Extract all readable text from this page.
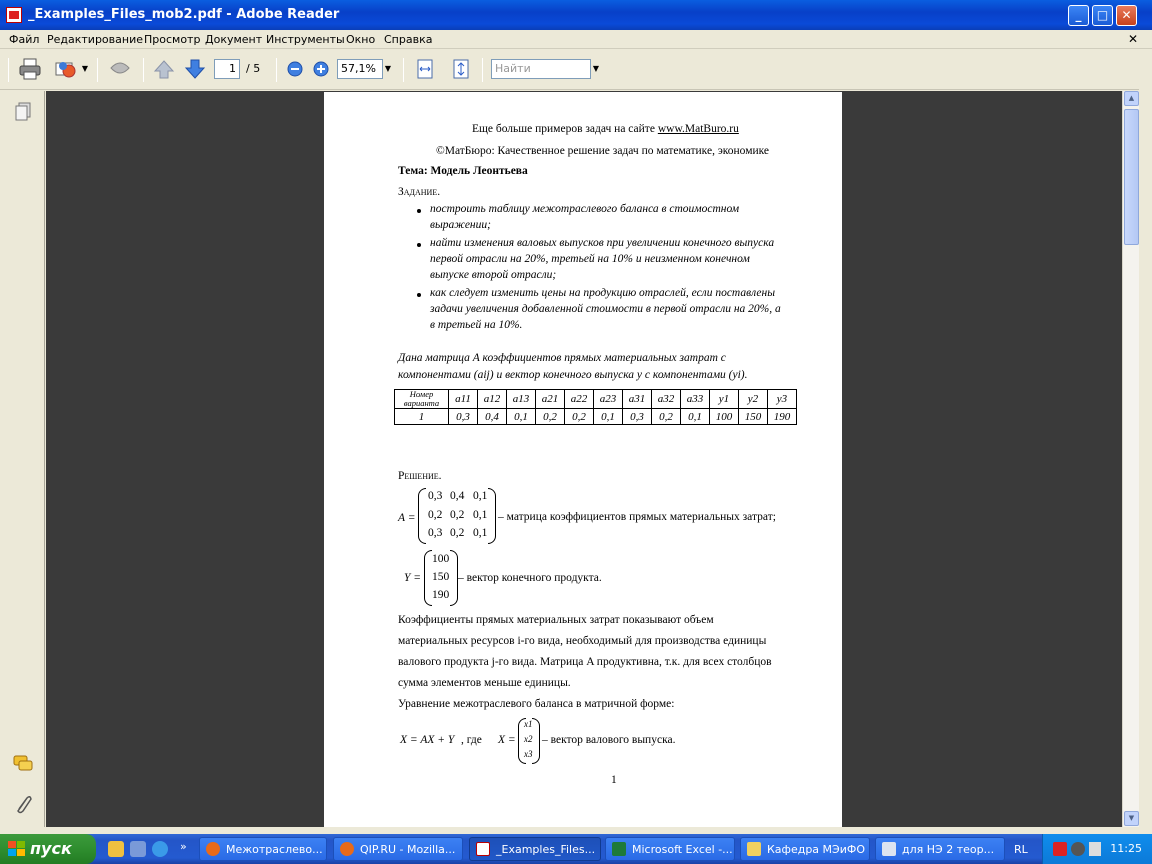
_Examples_Files_mob2.pdf - Adobe Reader	_	□	✕
Файл Редактирование Просмотр Документ Инструменты Окно Справка	✕
▼	1 / 5	57,1%	▼	Найти	▼
Еще больше примеров задач на сайте www.MatBuro.ru
©МатБюро: Качественное решение задач по математике, экономике
Тема: Модель Леонтьева
Задание.
построить таблицу межотраслевого баланса в стоимостном
выражении;
найти изменения валовых выпусков при увеличении конечного выпуска
первой отрасли на 20%, третьей на 10% и неизменном конечном
выпуске второй отрасли;
как следует изменить цены на продукцию отраслей, если поставлены
задачи увеличения добавленной стоимости в первой отрасли на 20%, а
в третьей на 10%.
Дана матрица A коэффициентов прямых материальных затрат с
компонентами (aij) и вектор конечного выпуска y с компонентами (yi).
Номер варианта	a11	a12	a13	a21	a22	a23	a31	a32	a33	y1	y2	y3
1	0,3	0,4	0,1	0,2	0,2	0,1	0,3	0,2	0,1	100	150	190
Решение.
A =
0,3 0,4 0,1
0,2 0,2 0,1
0,3 0,2 0,1
– матрица коэффициентов прямых материальных затрат;
Y =
100
150
190
– вектор конечного продукта.
Коэффициенты прямых материальных затрат показывают объем
материальных ресурсов i-го вида, необходимый для производства единицы
валового продукта j-го вида. Матрица A продуктивна, т.к. для всех столбцов
сумма элементов меньше единицы.
Уравнение межотраслевого баланса в матричной форме:
X = AX + Y , где X =
x1
x2
x3
– вектор валового выпуска.
1
▲
▼
пуск	»	Межотраслево...	QIP.RU - Mozilla...	_Examples_Files...	Microsoft Excel -...	Кафедра МЭиФО	для НЭ 2 теор...	RL	11:25
